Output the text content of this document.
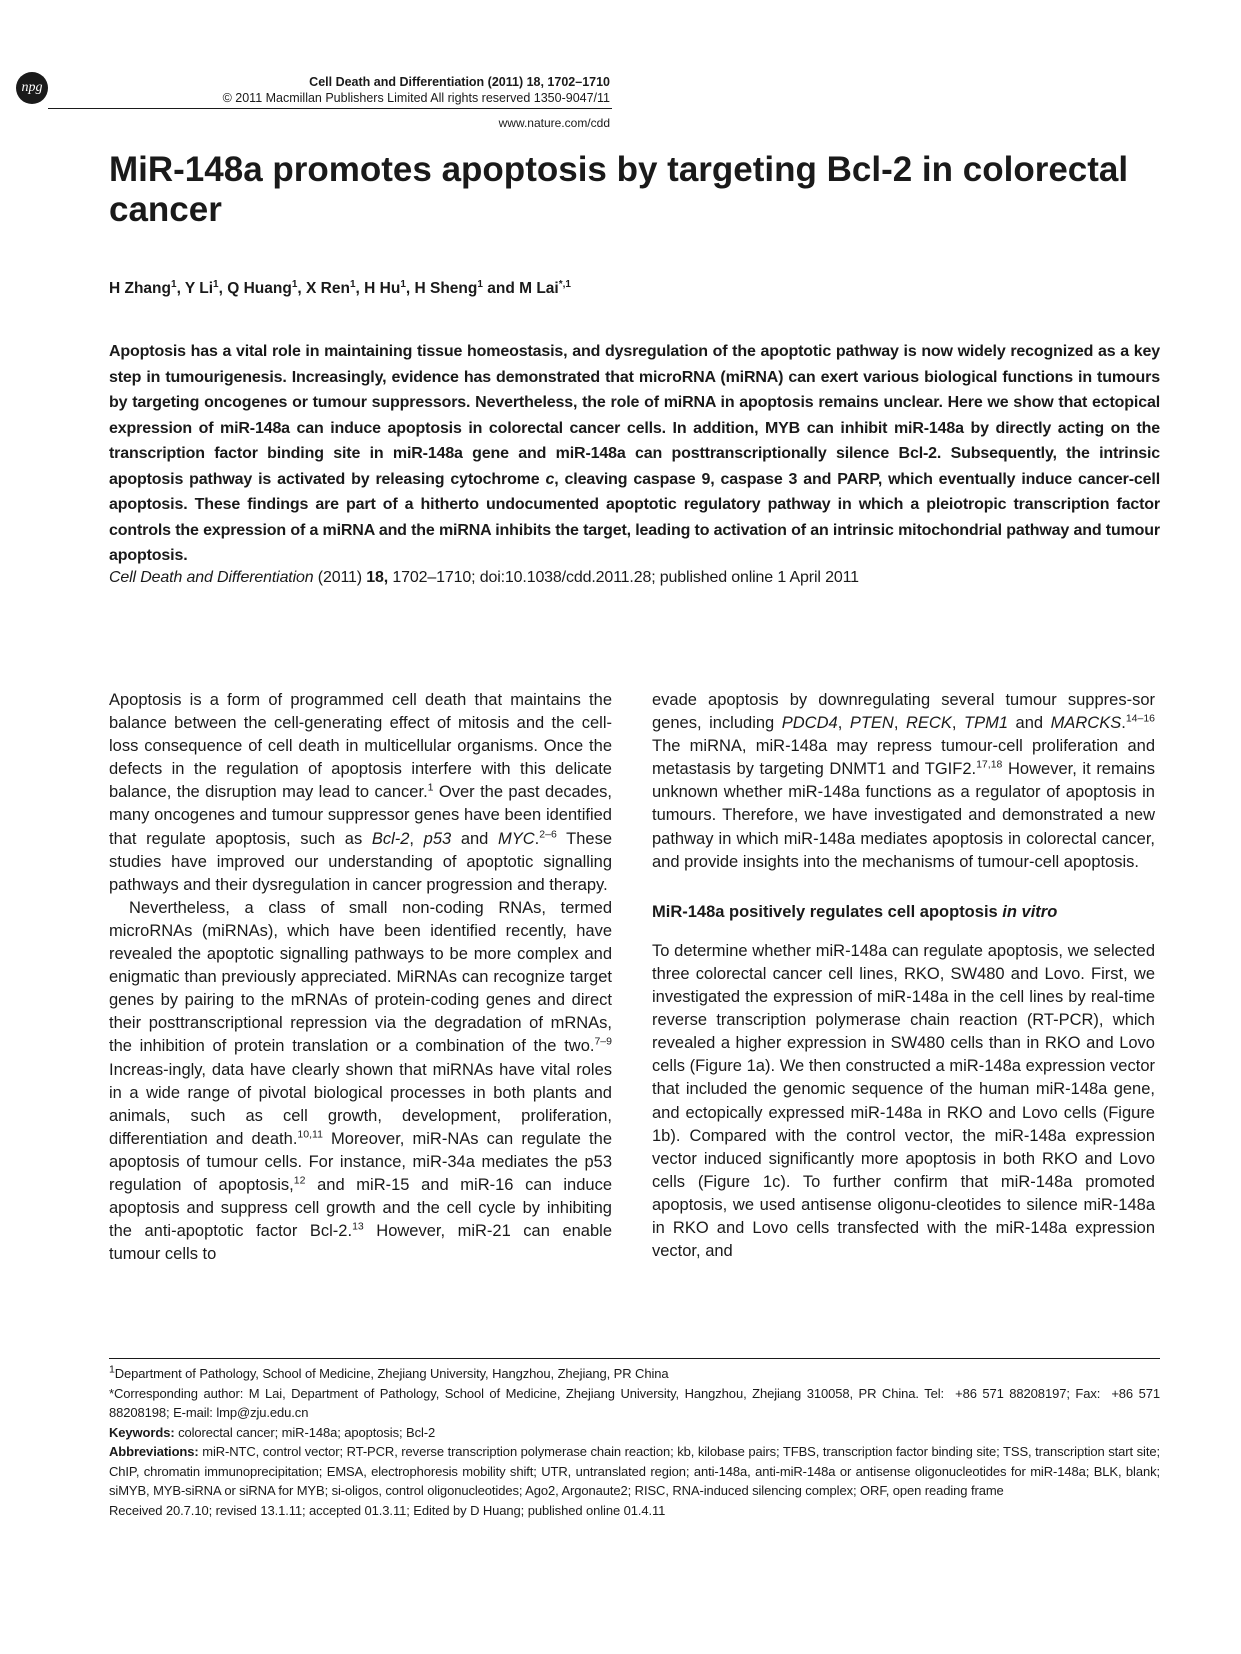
npg	Cell Death and Differentiation (2011) 18, 1702–1710
© 2011 Macmillan Publishers Limited All rights reserved 1350-9047/11
www.nature.com/cdd
MiR-148a promotes apoptosis by targeting Bcl-2 in colorectal cancer
H Zhang$^1$, Y Li$^1$, Q Huang$^1$, X Ren$^1$, H Hu$^1$, H Sheng$^1$ and M Lai$^{*,1}$

Apoptosis has a vital role in maintaining tissue homeostasis, and dysregulation of the apoptotic pathway is now widely recognized as a key step in tumourigenesis. Increasingly, evidence has demonstrated that microRNA (miRNA) can exert various biological functions in tumours by targeting oncogenes or tumour suppressors. Nevertheless, the role of miRNA in apoptosis remains unclear. Here we show that ectopical expression of miR-148a can induce apoptosis in colorectal cancer cells. In addition, MYB can inhibit miR-148a by directly acting on the transcription factor binding site in miR-148a gene and miR-148a can posttranscriptionally silence Bcl-2. Subsequently, the intrinsic apoptosis pathway is activated by releasing cytochrome c, cleaving caspase 9, caspase 3 and PARP, which eventually induce cancer-cell apoptosis. These findings are part of a hitherto undocumented apoptotic regulatory pathway in which a pleiotropic transcription factor controls the expression of a miRNA and the miRNA inhibits the target, leading to activation of an intrinsic mitochondrial pathway and tumour apoptosis.

Cell Death and Differentiation (2011) 18, 1702–1710; doi:10.1038/cdd.2011.28; published online 1 April 2011

Apoptosis is a form of programmed cell death that maintains the balance between the cell-generating effect of mitosis and the cell-loss consequence of cell death in multicellular organisms. Once the defects in the regulation of apoptosis interfere with this delicate balance, the disruption may lead to cancer.$^1$ Over the past decades, many oncogenes and tumour suppressor genes have been identified that regulate apoptosis, such as Bcl-2, p53 and MYC.$^{2-6}$ These studies have improved our understanding of apoptotic signalling pathways and their dysregulation in cancer progression and therapy.

Nevertheless, a class of small non-coding RNAs, termed microRNAs (miRNAs), which have been identified recently, have revealed the apoptotic signalling pathways to be more complex and enigmatic than previously appreciated. MiRNAs can recognize target genes by pairing to the mRNAs of protein-coding genes and direct their posttranscriptional repression via the degradation of mRNAs, the inhibition of protein translation or a combination of the two.$^{7-9}$ Increas-ingly, data have clearly shown that miRNAs have vital roles in a wide range of pivotal biological processes in both plants and animals, such as cell growth, development, proliferation, differentiation and death.$^{10,11}$ Moreover, miR-NAs can regulate the apoptosis of tumour cells. For instance, miR-34a mediates the p53 regulation of apoptosis,$^{12}$ and miR-15 and miR-16 can induce apoptosis and suppress cell growth and the cell cycle by inhibiting the anti-apoptotic factor Bcl-2.13 However, miR-21 can enable tumour cells to

evade apoptosis by downregulating several tumour suppres-sor genes, including PDCD4, PTEN, RECK, TPM1 and MARCKS.$^{14-16}$ The miRNA, miR-148a may repress tumour-cell proliferation and metastasis by targeting DNMT1 and TGIF2.$^{17,18}$ However, it remains unknown whether miR-148a functions as a regulator of apoptosis in tumours. Therefore, we have investigated and demonstrated a new pathway in which miR-148a mediates apoptosis in colorectal cancer, and provide insights into the mechanisms of tumour-cell apoptosis.

MiR-148a positively regulates cell apoptosis in vitro

To determine whether miR-148a can regulate apoptosis, we selected three colorectal cancer cell lines, RKO, SW480 and Lovo. First, we investigated the expression of miR-148a in the cell lines by real-time reverse transcription polymerase chain reaction (RT-PCR), which revealed a higher expression in SW480 cells than in RKO and Lovo cells (Figure 1a). We then constructed a miR-148a expression vector that included the genomic sequence of the human miR-148a gene, and ectopically expressed miR-148a in RKO and Lovo cells (Figure 1b). Compared with the control vector, the miR-148a expression vector induced significantly more apoptosis in both RKO and Lovo cells (Figure 1c). To further confirm that miR-148a promoted apoptosis, we used antisense oligonu-cleotides to silence miR-148a in RKO and Lovo cells transfected with the miR-148a expression vector, and

$^1$Department of Pathology, School of Medicine, Zhejiang University, Hangzhou, Zhejiang, PR China

*Corresponding author: M Lai, Department of Pathology, School of Medicine, Zhejiang University, Hangzhou, Zhejiang 310058, PR China. Tel:  +86 571 88208197; Fax:  +86 571 88208198; E-mail: lmp@zju.edu.cn

Keywords: colorectal cancer; miR-148a; apoptosis; Bcl-2

Abbreviations: miR-NTC, control vector; RT-PCR, reverse transcription polymerase chain reaction; kb, kilobase pairs; TFBS, transcription factor binding site; TSS, transcription start site; ChIP, chromatin immunoprecipitation; EMSA, electrophoresis mobility shift; UTR, untranslated region; anti-148a, anti-miR-148a or antisense oligonucleotides for miR-148a; BLK, blank; siMYB, MYB-siRNA or siRNA for MYB; si-oligos, control oligonucleotides; Ago2, Argonaute2; RISC, RNA-induced silencing complex; ORF, open reading frame

Received 20.7.10; revised 13.1.11; accepted 01.3.11; Edited by D Huang; published online 01.4.11
